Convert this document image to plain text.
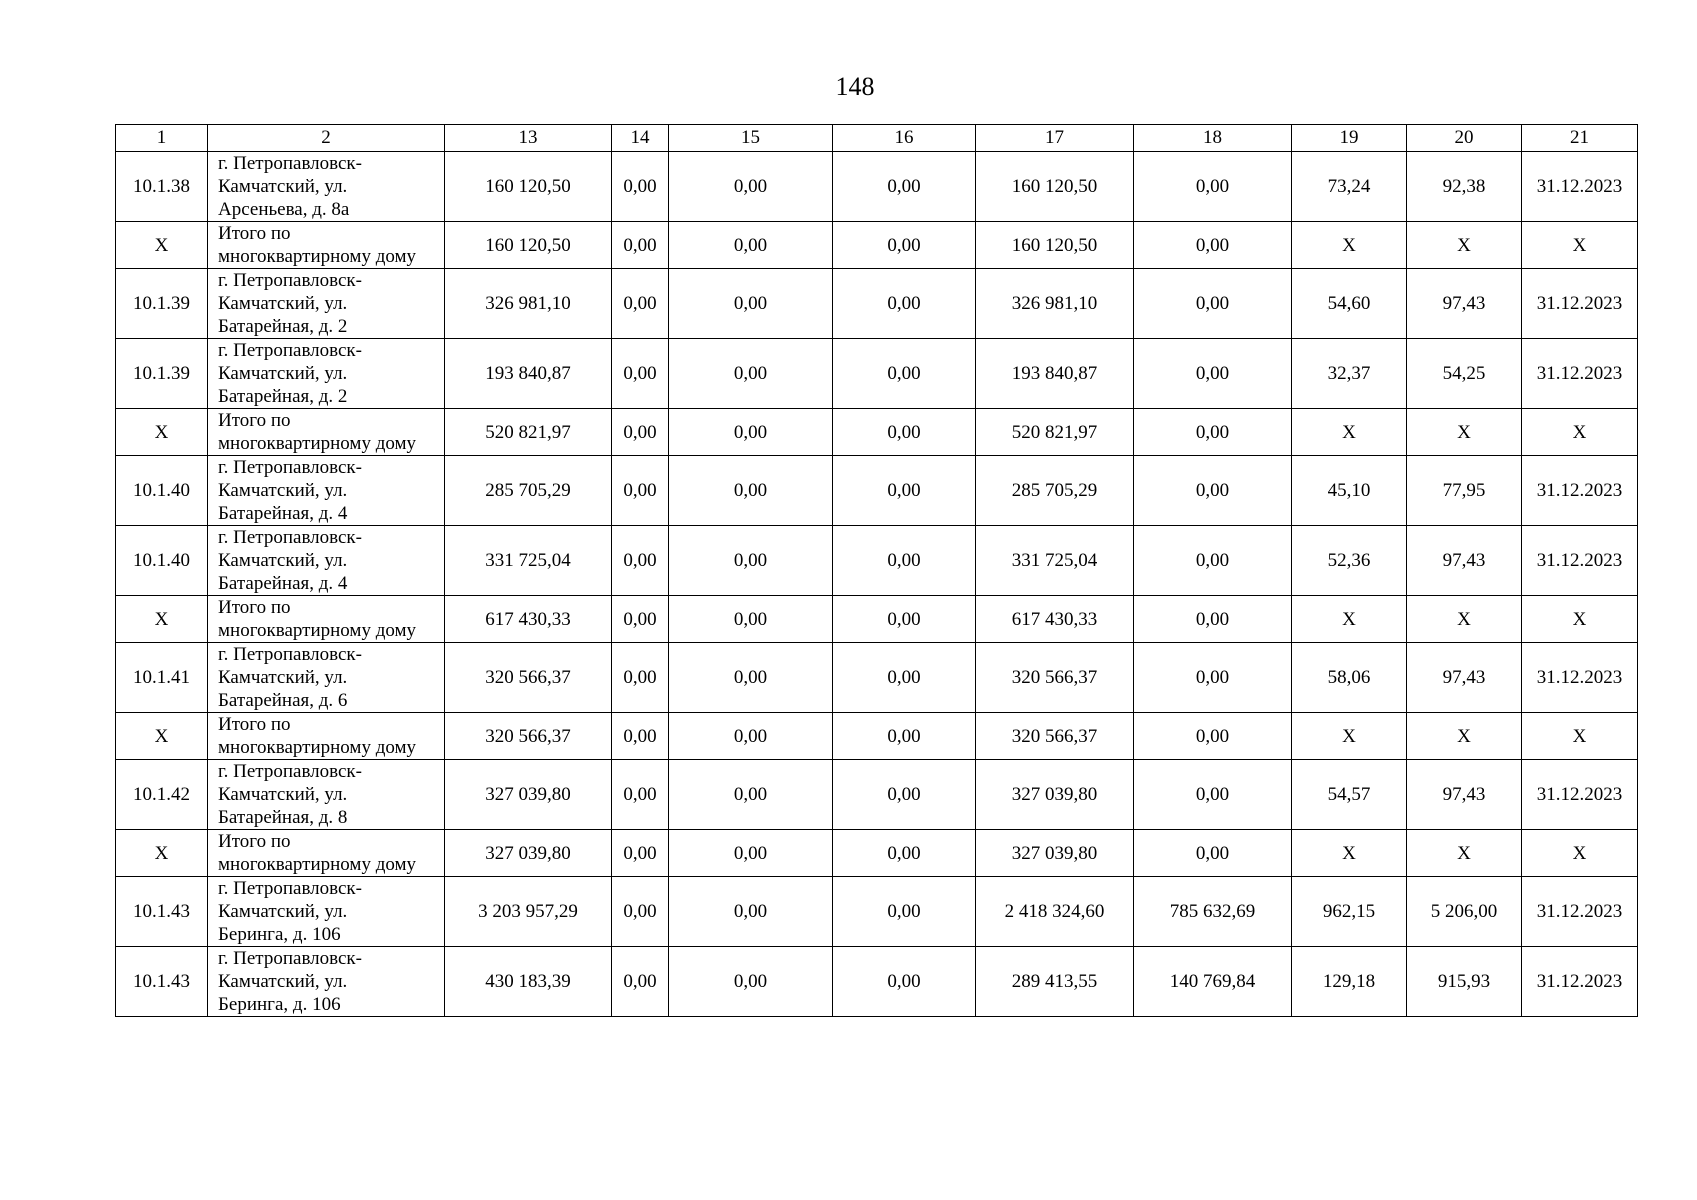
148
1	2	13	14	15	16	17	18	19	20	21
10.1.38	г. Петропавловск-
Камчатский, ул.
Арсеньева, д. 8а	160 120,50	0,00	0,00	0,00	160 120,50	0,00	73,24	92,38	31.12.2023
Х	Итого по
многоквартирному дому	160 120,50	0,00	0,00	0,00	160 120,50	0,00	Х	Х	Х
10.1.39	г. Петропавловск-
Камчатский, ул.
Батарейная, д. 2	326 981,10	0,00	0,00	0,00	326 981,10	0,00	54,60	97,43	31.12.2023
10.1.39	г. Петропавловск-
Камчатский, ул.
Батарейная, д. 2	193 840,87	0,00	0,00	0,00	193 840,87	0,00	32,37	54,25	31.12.2023
Х	Итого по
многоквартирному дому	520 821,97	0,00	0,00	0,00	520 821,97	0,00	Х	Х	Х
10.1.40	г. Петропавловск-
Камчатский, ул.
Батарейная, д. 4	285 705,29	0,00	0,00	0,00	285 705,29	0,00	45,10	77,95	31.12.2023
10.1.40	г. Петропавловск-
Камчатский, ул.
Батарейная, д. 4	331 725,04	0,00	0,00	0,00	331 725,04	0,00	52,36	97,43	31.12.2023
Х	Итого по
многоквартирному дому	617 430,33	0,00	0,00	0,00	617 430,33	0,00	Х	Х	Х
10.1.41	г. Петропавловск-
Камчатский, ул.
Батарейная, д. 6	320 566,37	0,00	0,00	0,00	320 566,37	0,00	58,06	97,43	31.12.2023
Х	Итого по
многоквартирному дому	320 566,37	0,00	0,00	0,00	320 566,37	0,00	Х	Х	Х
10.1.42	г. Петропавловск-
Камчатский, ул.
Батарейная, д. 8	327 039,80	0,00	0,00	0,00	327 039,80	0,00	54,57	97,43	31.12.2023
Х	Итого по
многоквартирному дому	327 039,80	0,00	0,00	0,00	327 039,80	0,00	Х	Х	Х
10.1.43	г. Петропавловск-
Камчатский, ул.
Беринга, д. 106	3 203 957,29	0,00	0,00	0,00	2 418 324,60	785 632,69	962,15	5 206,00	31.12.2023
10.1.43	г. Петропавловск-
Камчатский, ул.
Беринга, д. 106	430 183,39	0,00	0,00	0,00	289 413,55	140 769,84	129,18	915,93	31.12.2023
